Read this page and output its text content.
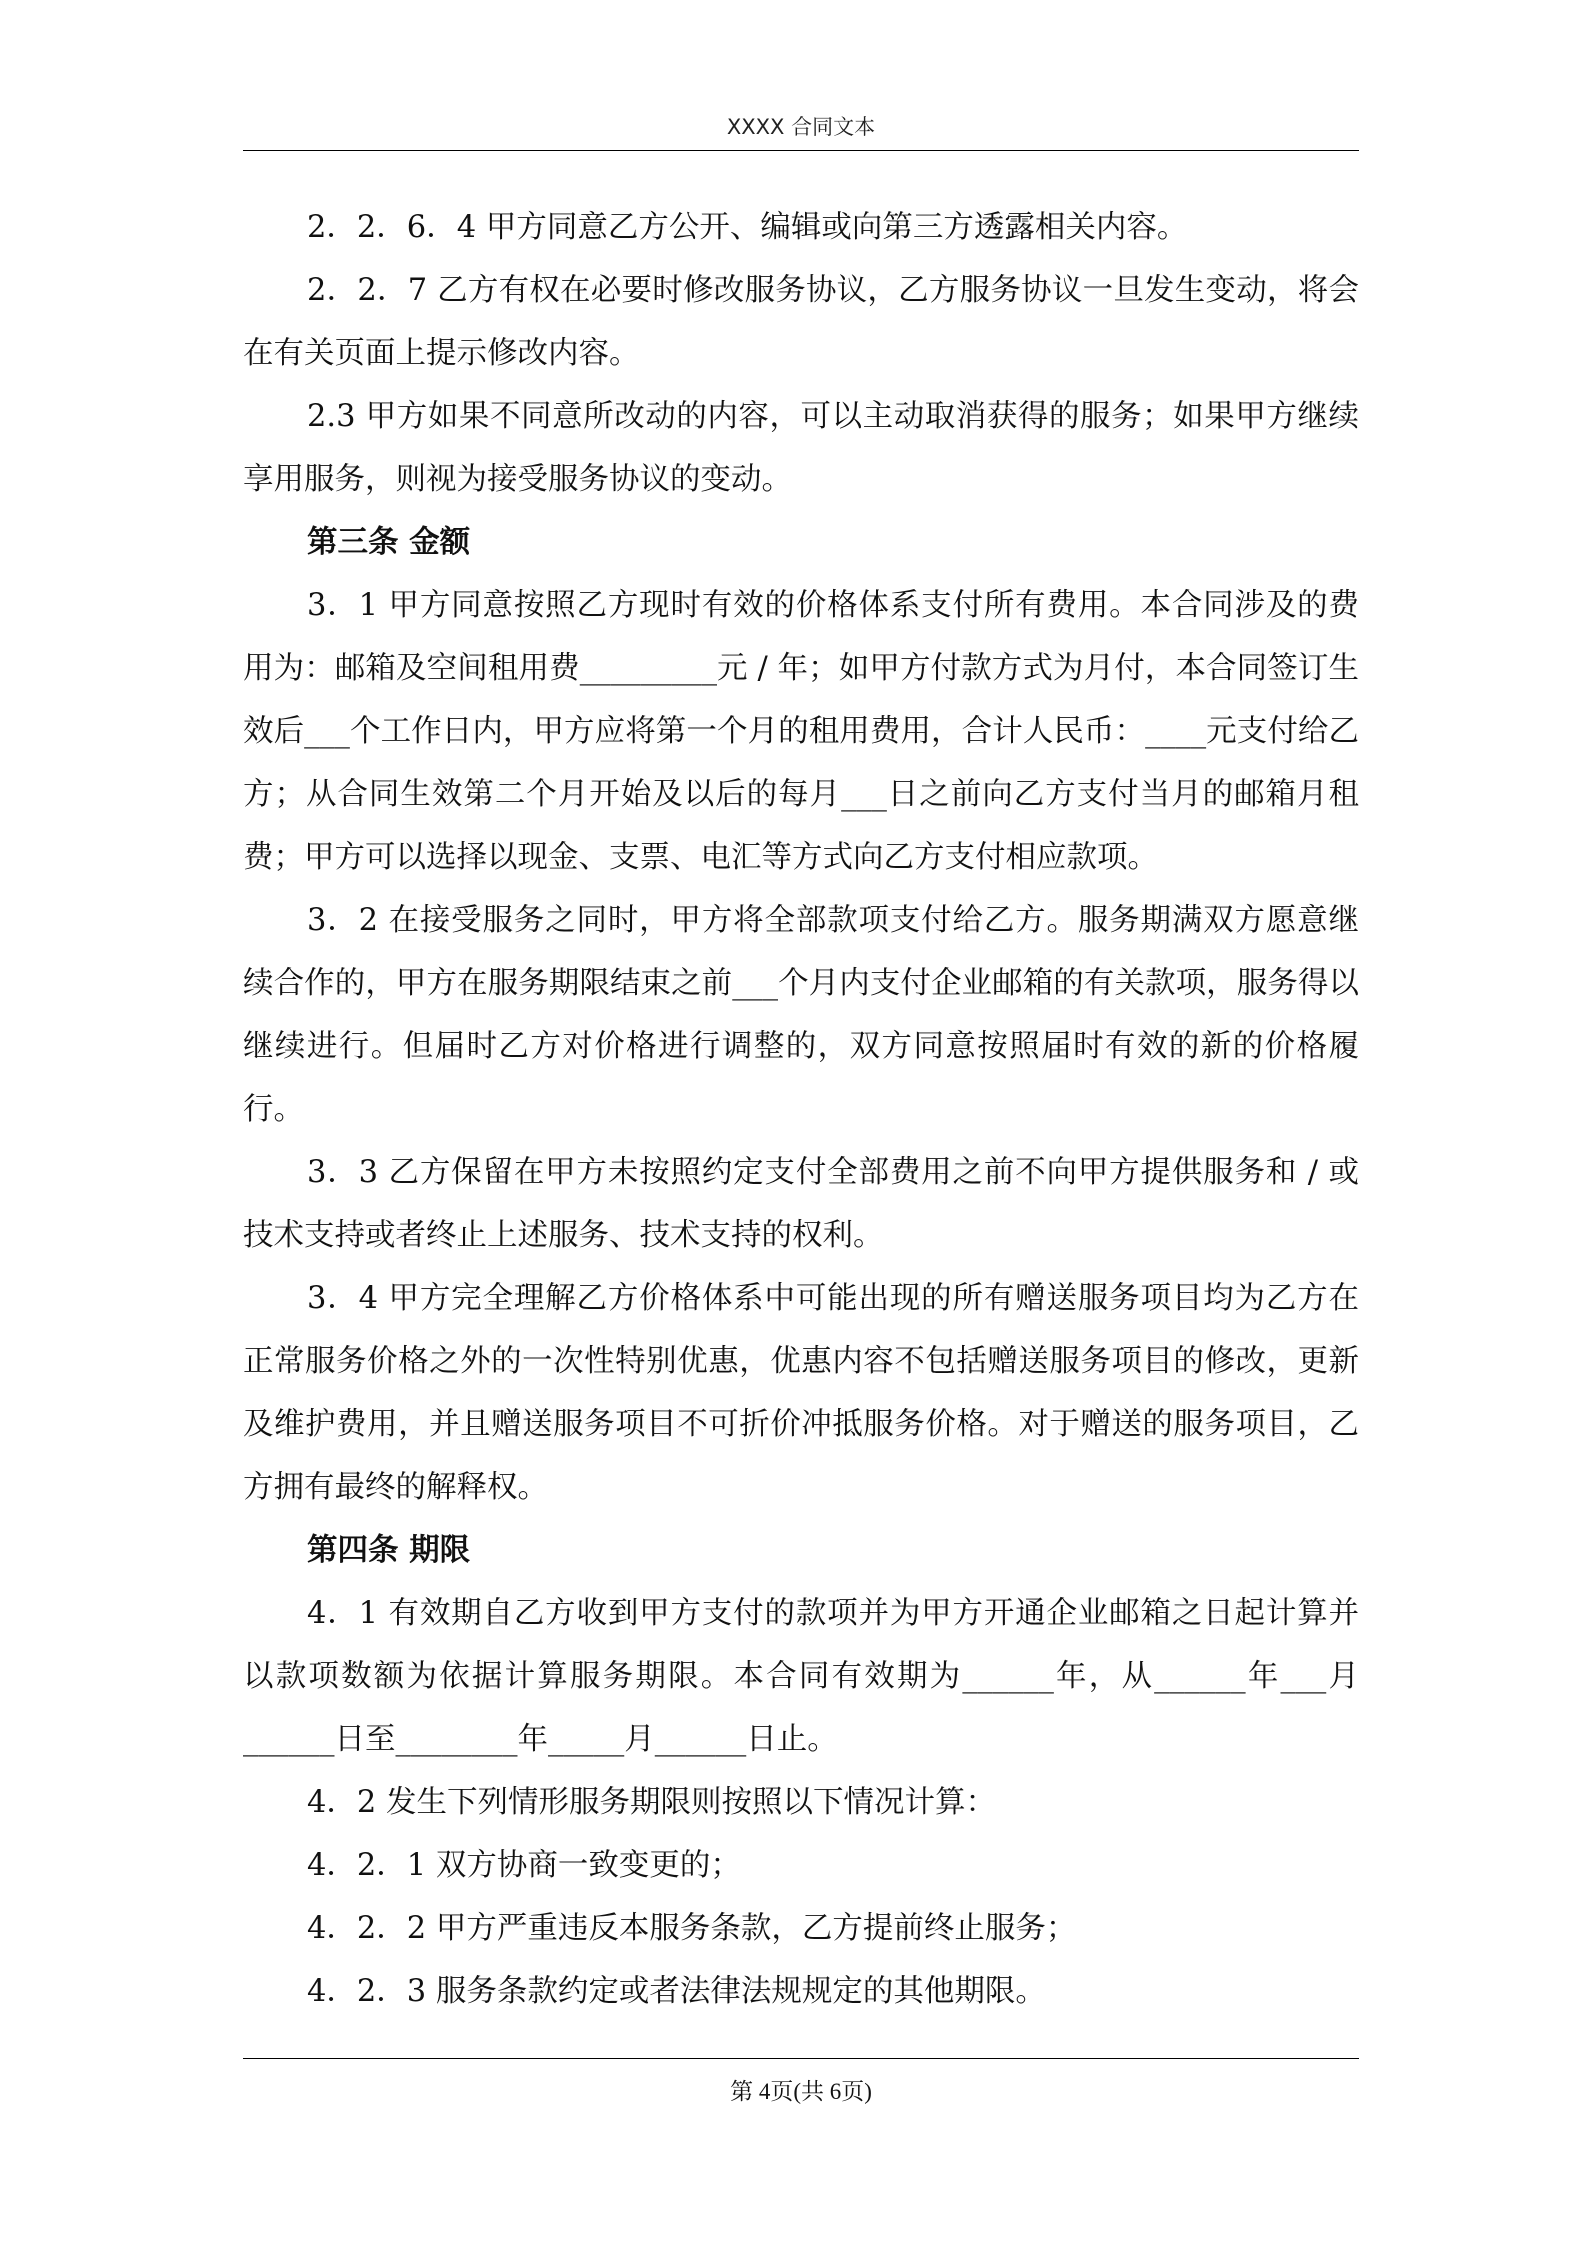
XXXX 合同文本

2．2．6．4 甲方同意乙方公开、编辑或向第三方透露相关内容。

2．2．7 乙方有权在必要时修改服务协议，乙方服务协议一旦发生变动，将会在有关页面上提示修改内容。

2.3 甲方如果不同意所改动的内容，可以主动取消获得的服务；如果甲方继续享用服务，则视为接受服务协议的变动。

第三条 金额

3．1 甲方同意按照乙方现时有效的价格体系支付所有费用。本合同涉及的费用为：邮箱及空间租用费_________元 / 年；如甲方付款方式为月付，本合同签订生效后___个工作日内，甲方应将第一个月的租用费用，合计人民币：____元支付给乙方；从合同生效第二个月开始及以后的每月___日之前向乙方支付当月的邮箱月租费；甲方可以选择以现金、支票、电汇等方式向乙方支付相应款项。

3．2 在接受服务之同时，甲方将全部款项支付给乙方。服务期满双方愿意继续合作的，甲方在服务期限结束之前___个月内支付企业邮箱的有关款项，服务得以继续进行。但届时乙方对价格进行调整的，双方同意按照届时有效的新的价格履行。

3．3 乙方保留在甲方未按照约定支付全部费用之前不向甲方提供服务和 / 或技术支持或者终止上述服务、技术支持的权利。

3．4 甲方完全理解乙方价格体系中可能出现的所有赠送服务项目均为乙方在正常服务价格之外的一次性特别优惠，优惠内容不包括赠送服务项目的修改，更新及维护费用，并且赠送服务项目不可折价冲抵服务价格。对于赠送的服务项目，乙方拥有最终的解释权。

第四条 期限

4．1 有效期自乙方收到甲方支付的款项并为甲方开通企业邮箱之日起计算并以款项数额为依据计算服务期限。本合同有效期为______年，从______年___月______日至________年_____月______日止。

4．2 发生下列情形服务期限则按照以下情况计算：

4．2．1 双方协商一致变更的；

4．2．2 甲方严重违反本服务条款，乙方提前终止服务；

4．2．3 服务条款约定或者法律法规规定的其他期限。

第 4页(共 6页)
